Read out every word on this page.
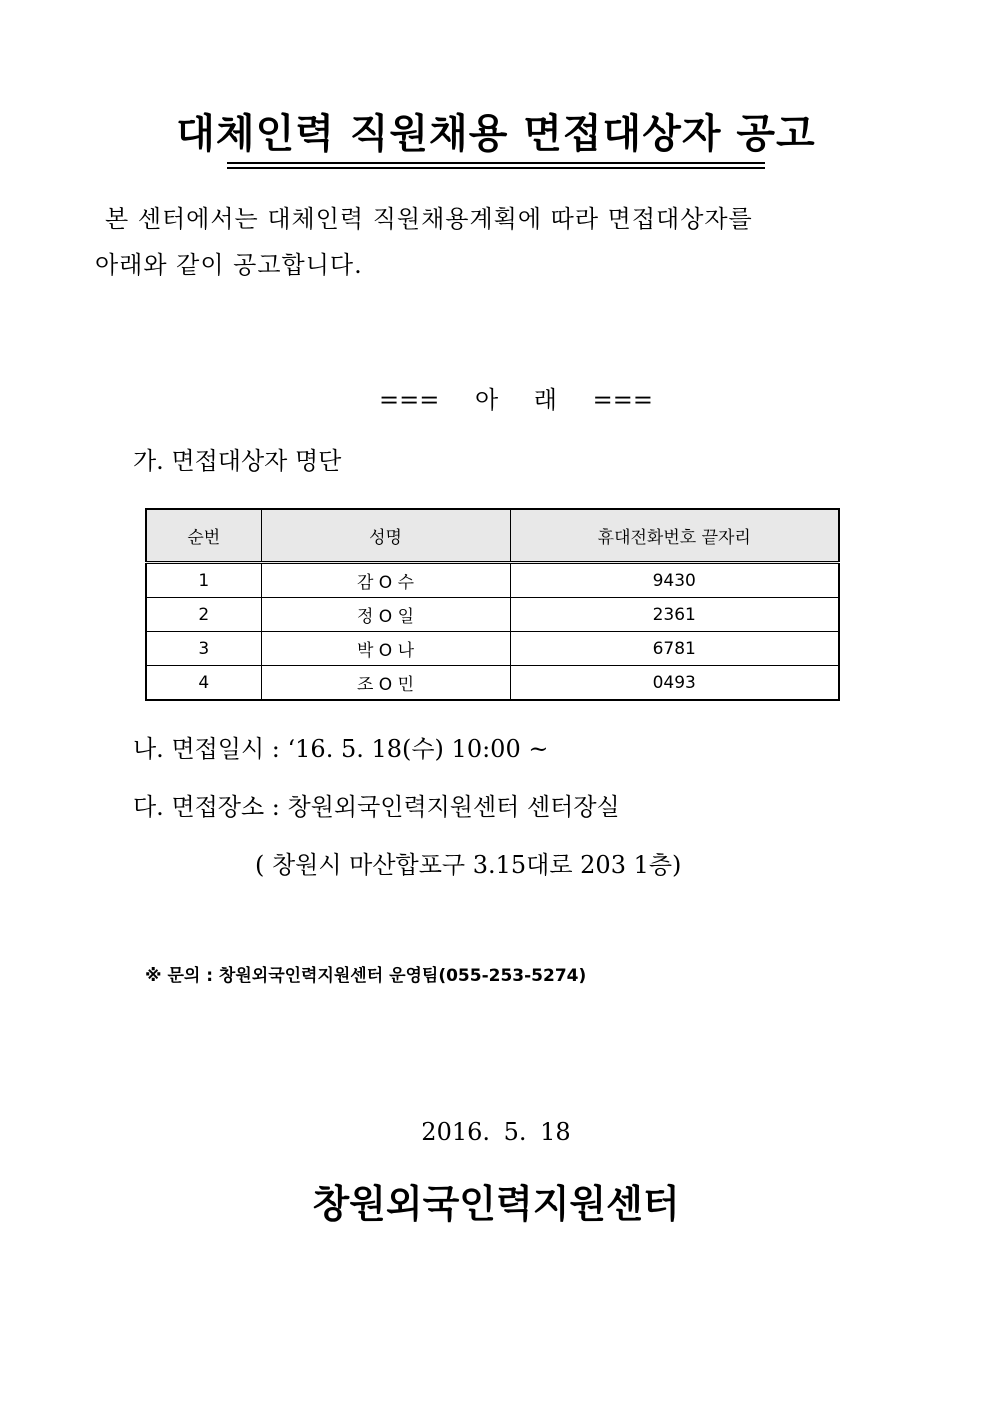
대체인력 직원채용 면접대상자 공고
본 센터에서는 대체인력 직원채용계획에 따라 면접대상자를
아래와 같이 공고합니다.
=== 아 래 ===
가. 면접대상자 명단
순번	성명	휴대전화번호 끝자리
1	감 O 수	9430
2	정 O 일	2361
3	박 O 나	6781
4	조 O 민	0493
나. 면접일시 : ‘16. 5. 18(수) 10:00 ~
다. 면접장소 : 창원외국인력지원센터 센터장실
( 창원시 마산합포구 3.15대로 203 1층)
※ 문의 : 창원외국인력지원센터 운영팀(055-253-5274)
2016. 5. 18
창원외국인력지원센터
